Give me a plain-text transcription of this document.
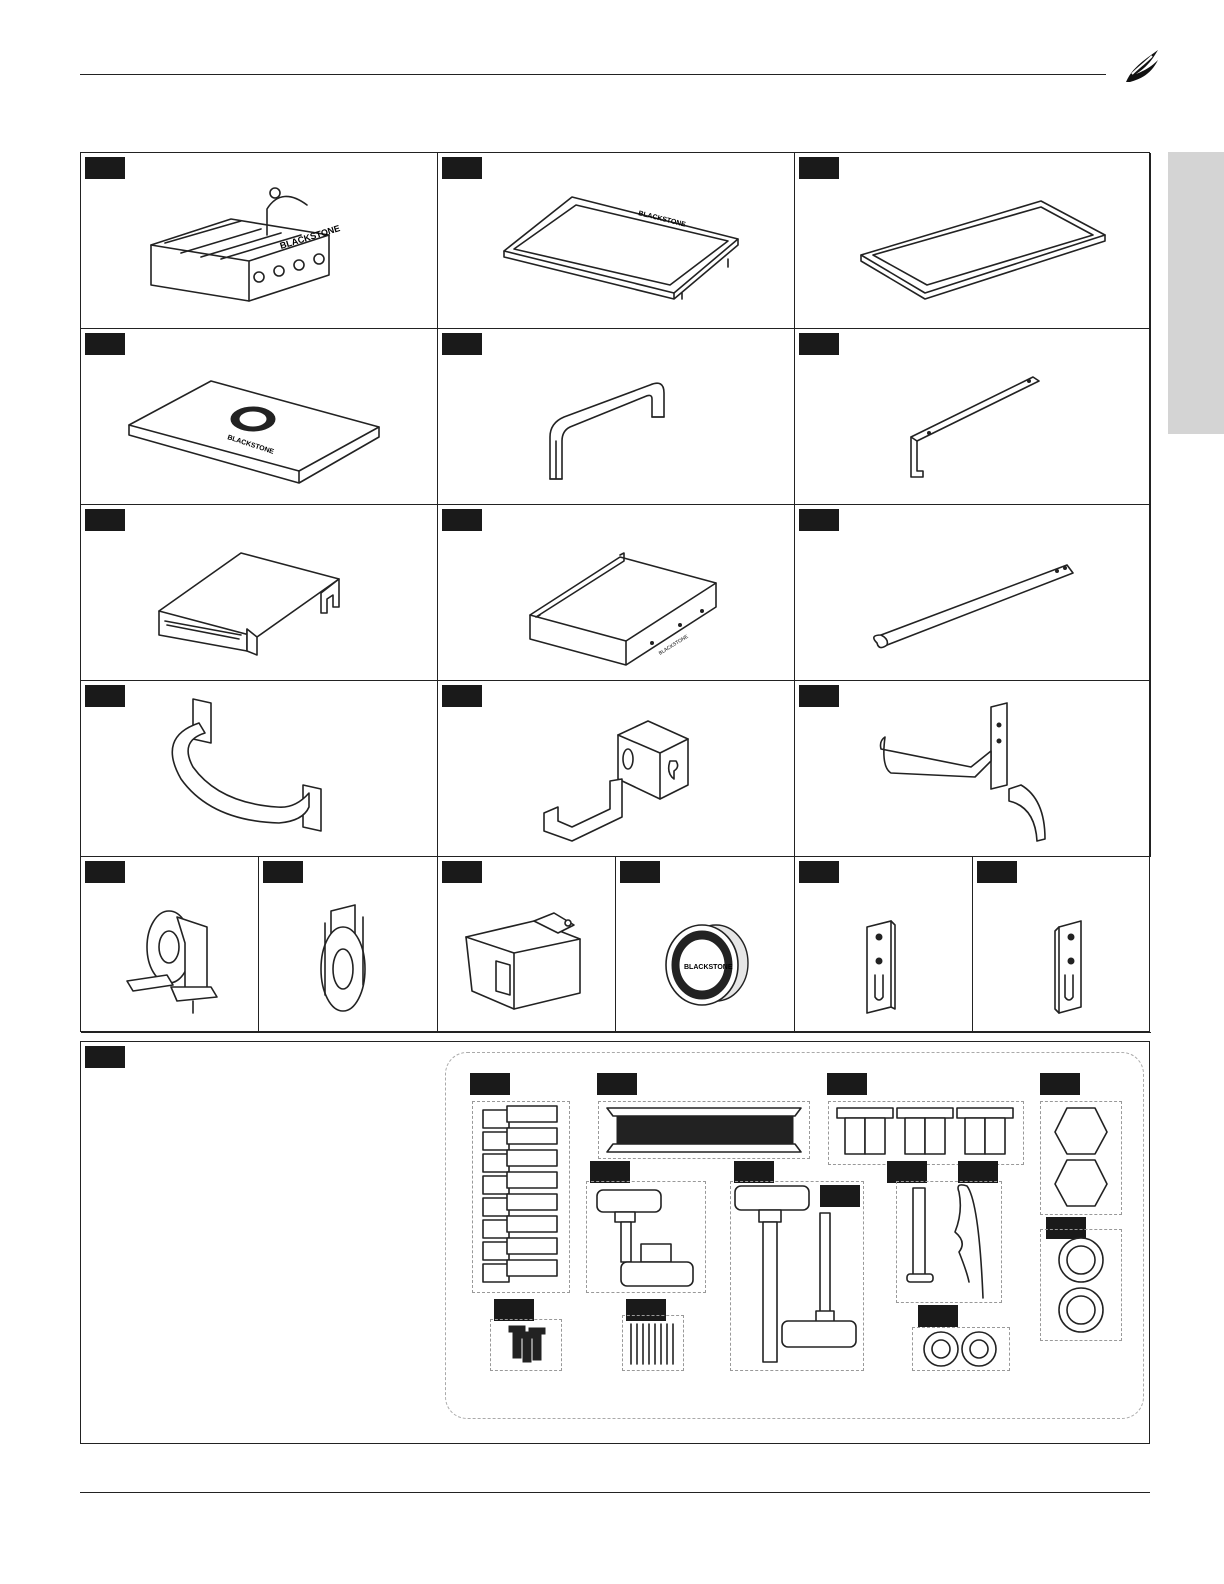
BLACKSTONE
BLACKSTONE
BLACKSTONE
BLACKSTONE
BLACKSTONE
